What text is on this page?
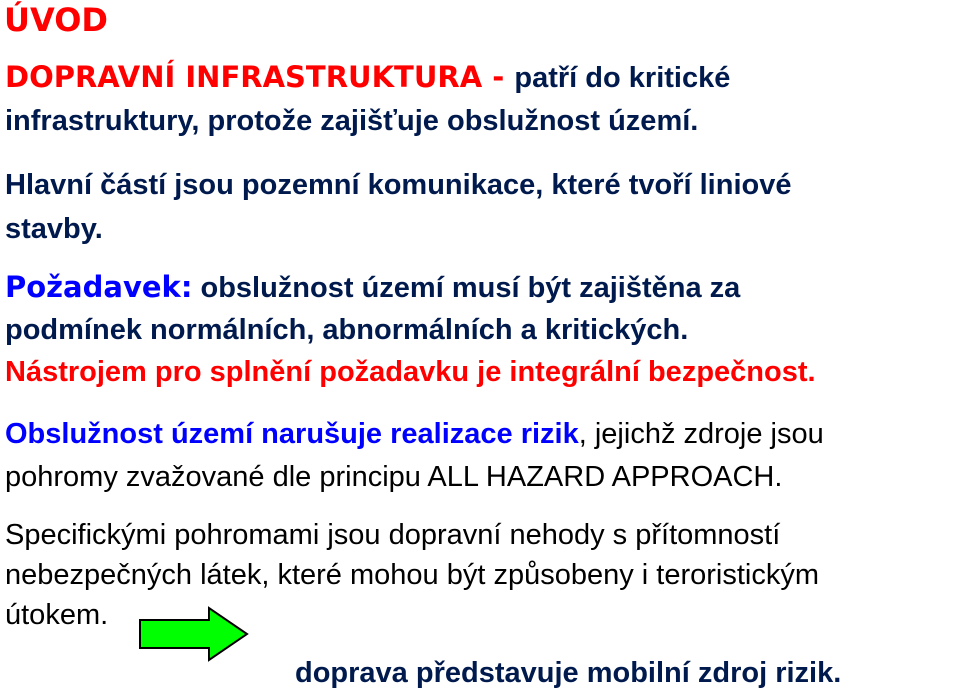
ÚVOD
DOPRAVNÍ INFRASTRUKTURA - patří do kritické
infrastruktury, protože zajišťuje obslužnost území.
Hlavní částí jsou pozemní komunikace, které tvoří liniové
stavby.
Požadavek: obslužnost území musí být zajištěna za
podmínek normálních, abnormálních a kritických.
Nástrojem pro splnění požadavku je integrální bezpečnost.
Obslužnost území narušuje realizace rizik, jejichž zdroje jsou
pohromy zvažované dle principu ALL HAZARD APPROACH.
Specifickými pohromami jsou dopravní nehody s přítomností
nebezpečných látek, které mohou být způsobeny i teroristickým
útokem.
doprava představuje mobilní zdroj rizik.
